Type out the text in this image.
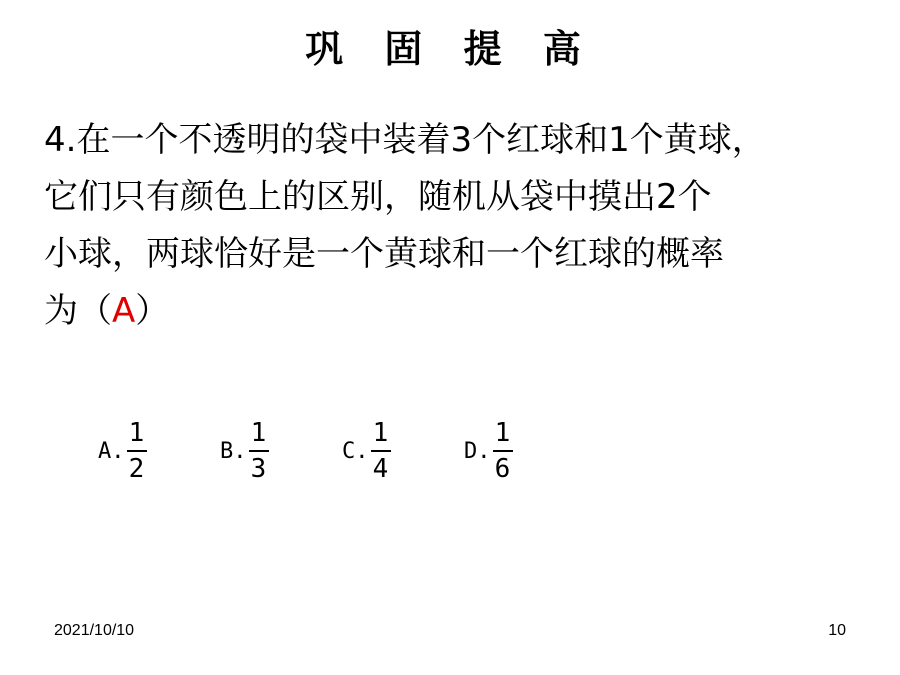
巩 固 提 高
4.在一个不透明的袋中装着3个红球和1个黄球，
它们只有颜色上的区别，随机从袋中摸出2个
小球，两球恰好是一个黄球和一个红球的概率
为（A）
A. $\frac{1}{2}$	B. $\frac{1}{3}$	C. $\frac{1}{4}$	D. $\frac{1}{6}$
2021/10/10	10
